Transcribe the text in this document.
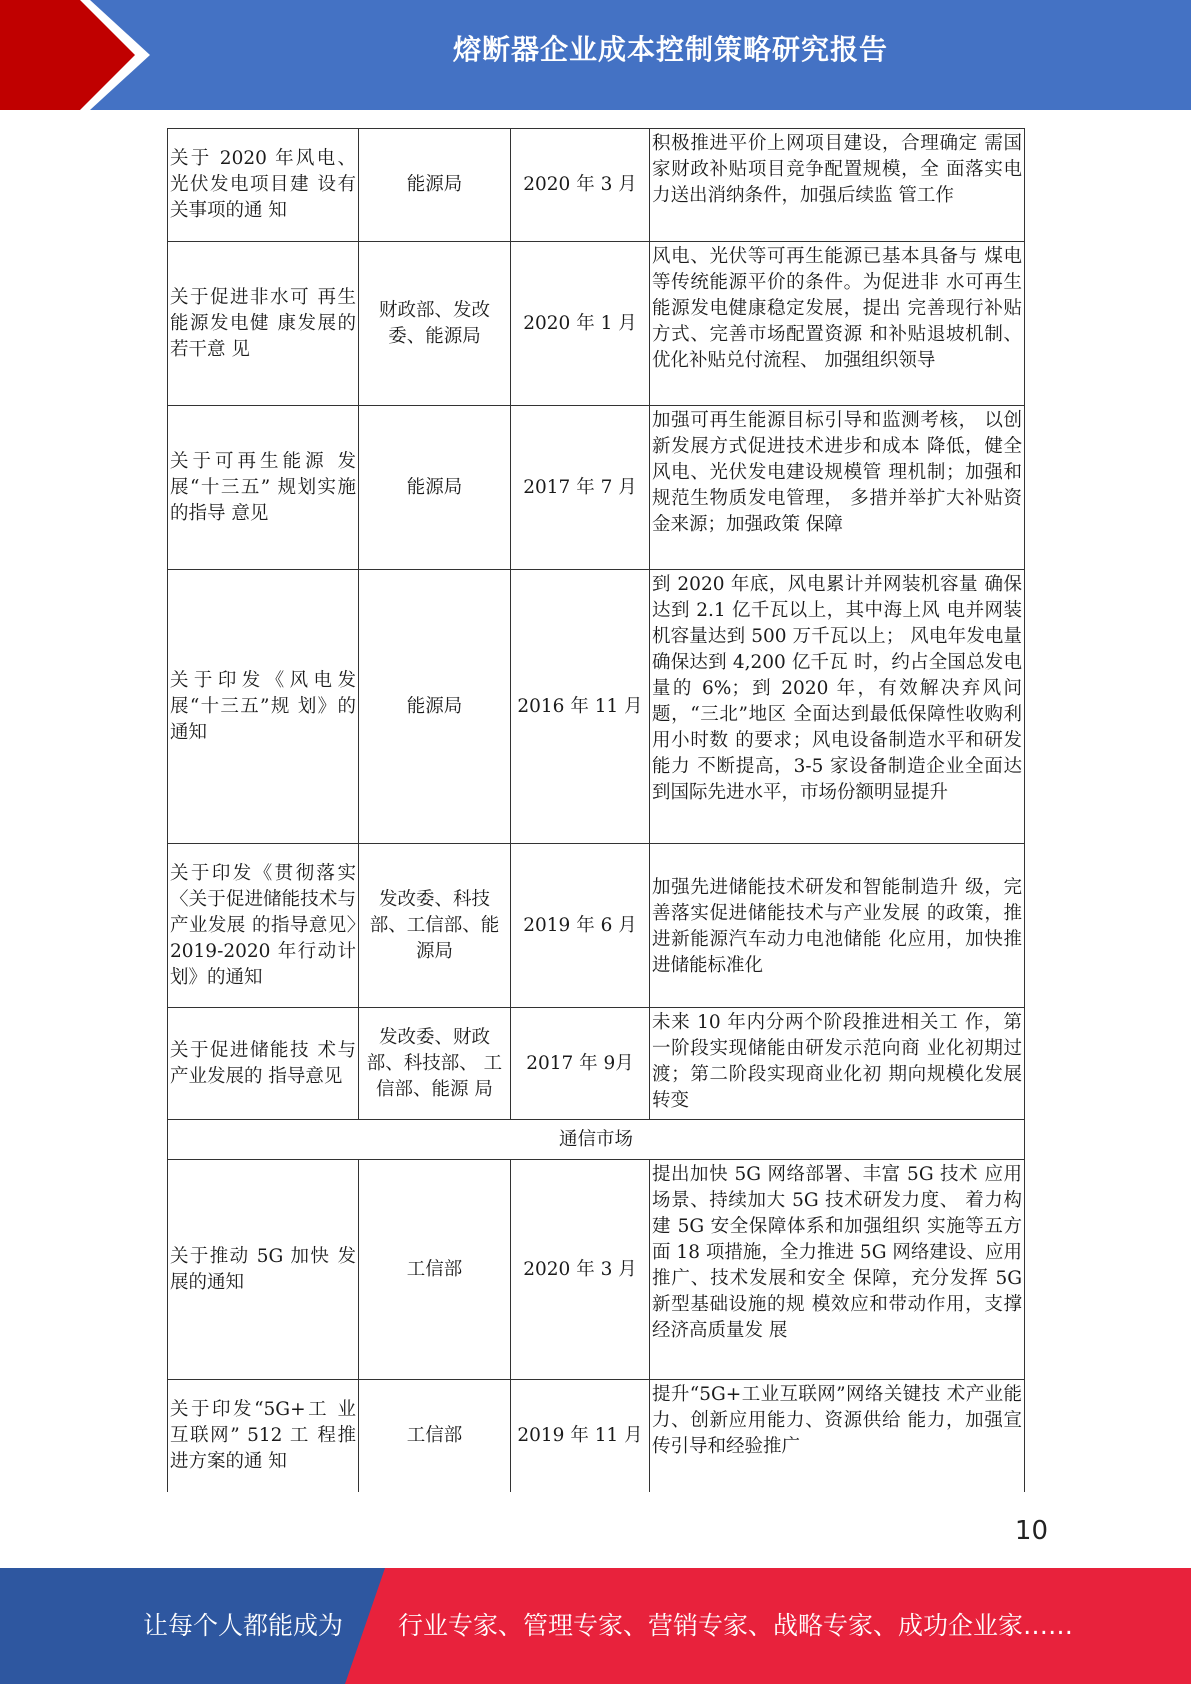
熔断器企业成本控制策略研究报告
关于 2020 年风电、光伏发电项目建 设有关事项的通 知	能源局	2020 年 3 月	积极推进平价上网项目建设，合理确定 需国家财政补贴项目竞争配置规模，全 面落实电力送出消纳条件，加强后续监 管工作
关于促进非水可 再生能源发电健 康发展的若干意 见	财政部、发改委、能源局	2020 年 1 月	风电、光伏等可再生能源已基本具备与 煤电等传统能源平价的条件。为促进非 水可再生能源发电健康稳定发展，提出 完善现行补贴方式、完善市场配置资源 和补贴退坡机制、优化补贴兑付流程、 加强组织领导
关于可再生能源 发展“十三五” 规划实施的指导 意见	能源局	2017 年 7 月	加强可再生能源目标引导和监测考核， 以创新发展方式促进技术进步和成本 降低，健全风电、光伏发电建设规模管 理机制；加强和规范生物质发电管理， 多措并举扩大补贴资金来源；加强政策 保障
关于印发《风电发展“十三五”规 划》的通知	能源局	2016 年 11 月	到 2020 年底，风电累计并网装机容量 确保达到 2.1 亿千瓦以上，其中海上风 电并网装机容量达到 500 万千瓦以上； 风电年发电量确保达到 4,200 亿千瓦 时，约占全国总发电量的 6%；到 2020 年，有效解决弃风问题，“三北”地区 全面达到最低保障性收购利用小时数 的要求；风电设备制造水平和研发能力 不断提高，3-5 家设备制造企业全面达 到国际先进水平，市场份额明显提升
关于印发《贯彻落实〈关于促进储能技术与产业发展 的指导意见〉2019-2020 年行动计划》的通知	发改委、科技部、工信部、能源局	2019 年 6 月	加强先进储能技术研发和智能制造升 级，完善落实促进储能技术与产业发展 的政策，推进新能源汽车动力电池储能 化应用，加快推进储能标准化
关于促进储能技 术与产业发展的 指导意见	发改委、财政部、科技部、 工信部、能源 局	2017 年 9月	未来 10 年内分两个阶段推进相关工 作，第一阶段实现储能由研发示范向商 业化初期过渡；第二阶段实现商业化初 期向规模化发展转变
通信市场			
关于推动 5G 加快 发展的通知	工信部	2020 年 3 月	提出加快 5G 网络部署、丰富 5G 技术 应用场景、持续加大 5G 技术研发力度、 着力构建 5G 安全保障体系和加强组织 实施等五方面 18 项措施，全力推进 5G 网络建设、应用推广、技术发展和安全 保障，充分发挥 5G 新型基础设施的规 模效应和带动作用，支撑经济高质量发 展
关于印发“5G+工 业互联网” 512 工 程推进方案的通 知	工信部	2019 年 11 月	提升“5G+工业互联网”网络关键技 术产业能力、创新应用能力、资源供给 能力，加强宣传引导和经验推广
10
让每个人都能成为 行业专家、管理专家、营销专家、战略专家、成功企业家……
